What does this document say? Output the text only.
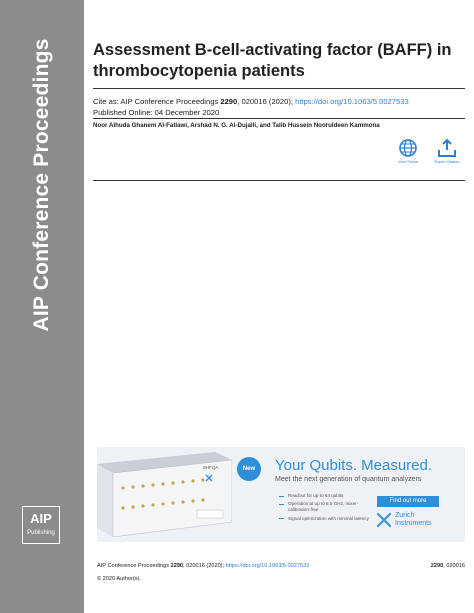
AIP Conference Proceedings
AIP
Publishing
Assessment B-cell-activating factor (BAFF) in thrombocytopenia patients
Cite as: AIP Conference Proceedings 2290, 020016 (2020); https://doi.org/10.1063/5.0027533
Published Online: 04 December 2020
Noor Alhuda Ghanem Al-Fatlawi, Arshad N. G. Al-Dujaili, and Talib Hussein Nooruldeen Kammona
View Online	Export Citation
SHFQA	New	Your Qubits. Measured.
Meet the next generation of quantum analyzers
Readout for up to 64 qubits
Operation at up to 8.5 GHz, mixer-calibration-free
Signal optimization with minimal latency
Find out more
Zurich
Instruments
AIP Conference Proceedings 2290, 020016 (2020); https://doi.org/10.1063/5.0027533	2290, 020016
© 2020 Author(s).
